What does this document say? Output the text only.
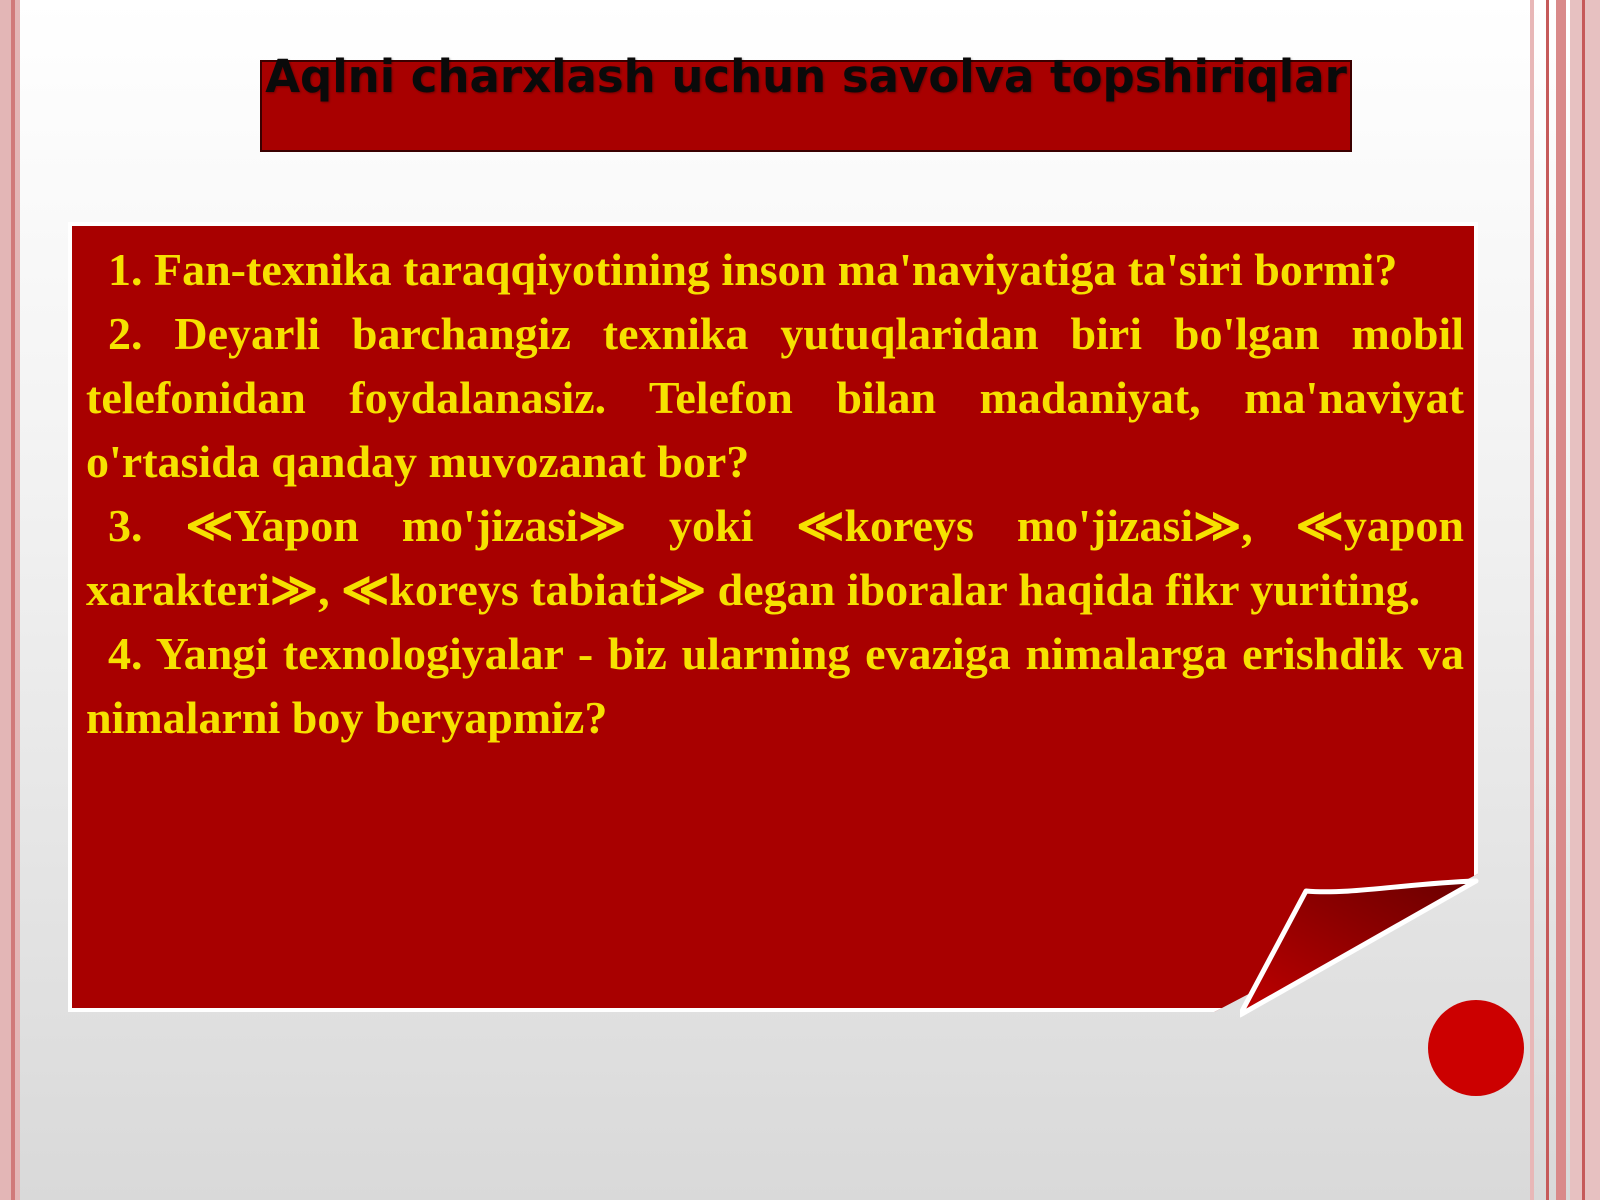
Aqlni charxlash uchun savolva topshiriqlar

1. Fan-texnika taraqqiyotining inson ma'naviyatiga ta'siri bormi?

2. Deyarli barchangiz texnika yutuqlaridan biri bo'lgan mobil telefonidan foydalanasiz. Telefon bilan madaniyat, ma'naviyat o'rtasida qanday muvozanat bor?

3. ≪Yapon mo'jizasi≫ yoki ≪koreys mo'jizasi≫, ≪yapon xarakteri≫, ≪koreys tabiati≫ degan iboralar haqida fikr yuriting.

4. Yangi texnologiyalar - biz ularning evaziga nimalarga erishdik va nimalarni boy beryapmiz?
